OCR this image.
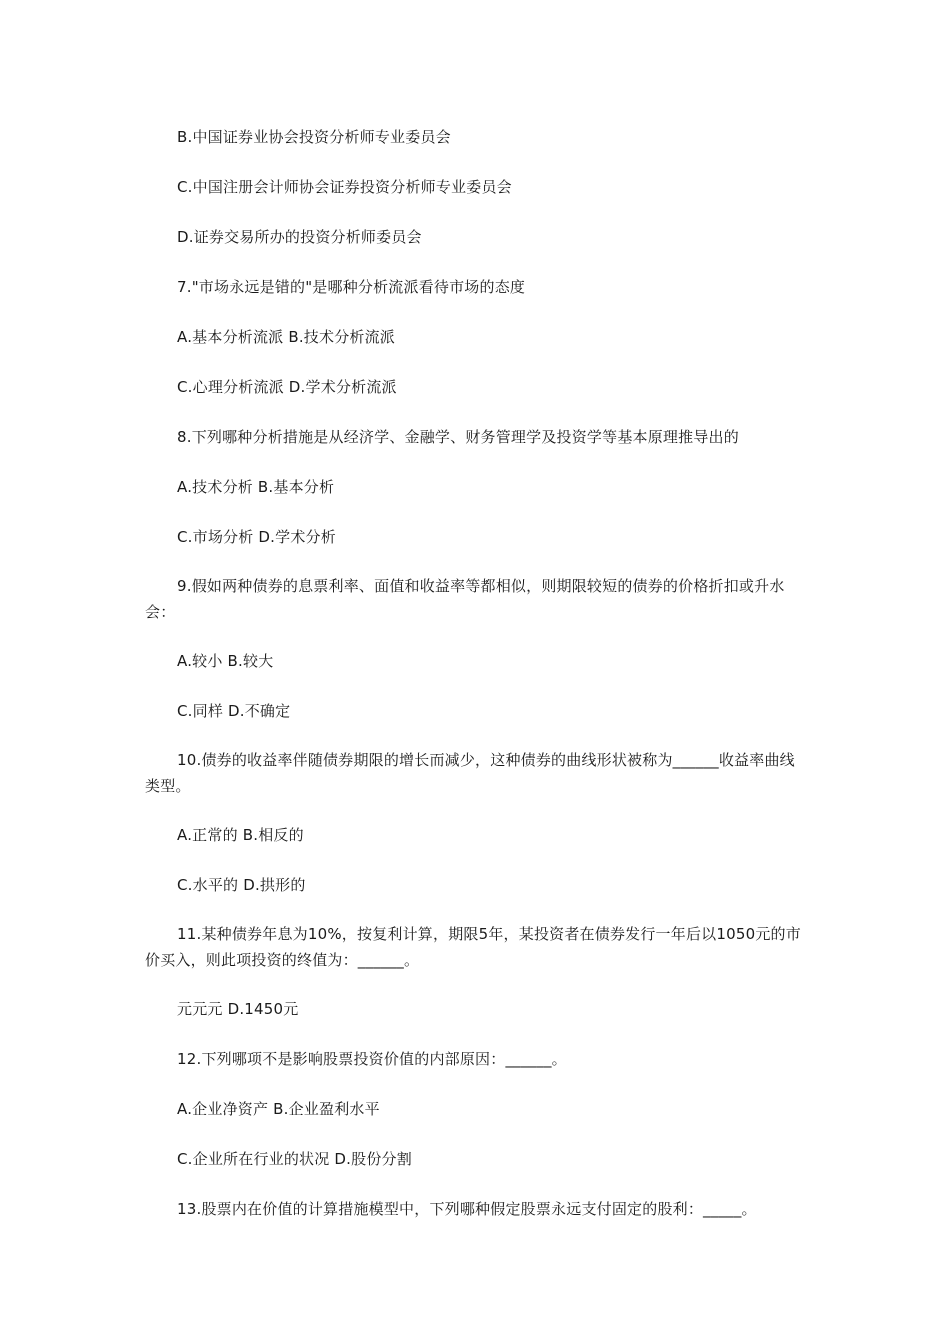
B.中国证券业协会投资分析师专业委员会
C.中国注册会计师协会证券投资分析师专业委员会
D.证券交易所办的投资分析师委员会
7."市场永远是错的"是哪种分析流派看待市场的态度
A.基本分析流派 B.技术分析流派
C.心理分析流派 D.学术分析流派
8.下列哪种分析措施是从经济学、金融学、财务管理学及投资学等基本原理推导出的
A.技术分析 B.基本分析
C.市场分析 D.学术分析
9.假如两种债券的息票利率、面值和收益率等都相似，则期限较短的债券的价格折扣或升水会：
A.较小 B.较大
C.同样 D.不确定
10.债券的收益率伴随债券期限的增长而减少，这种债券的曲线形状被称为______收益率曲线类型。
A.正常的 B.相反的
C.水平的 D.拱形的
11.某种债券年息为10%，按复利计算，期限5年，某投资者在债券发行一年后以1050元的市价买入，则此项投资的终值为：______。
元元元 D.1450元
12.下列哪项不是影响股票投资价值的内部原因：______。
A.企业净资产 B.企业盈利水平
C.企业所在行业的状况 D.股份分割
13.股票内在价值的计算措施模型中，下列哪种假定股票永远支付固定的股利：_____。
